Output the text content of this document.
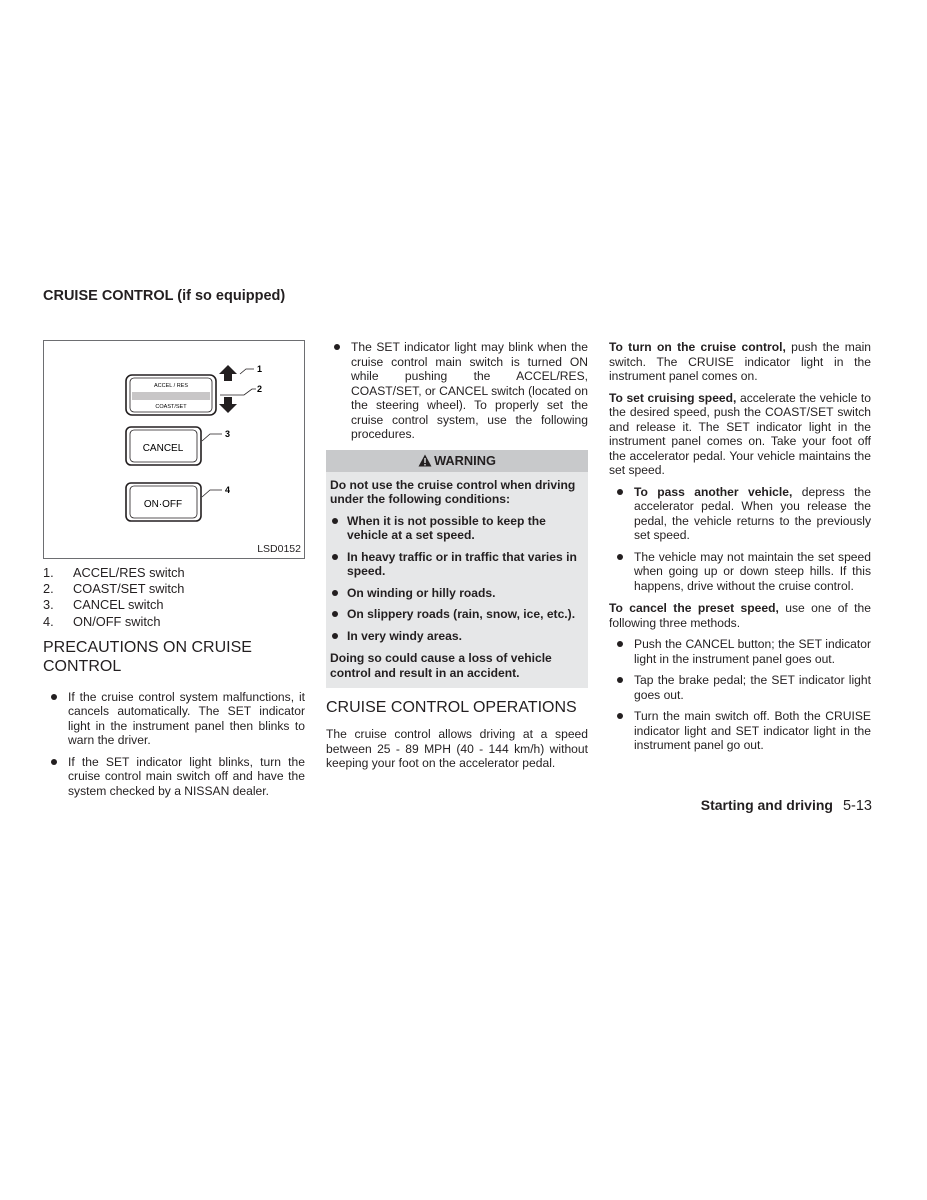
CRUISE CONTROL (if so equipped)
ACCEL / RES
COAST/SET
1
2
CANCEL
3
ON·OFF
4
LSD0152
1. ACCEL/RES switch
2. COAST/SET switch
3. CANCEL switch
4. ON/OFF switch
PRECAUTIONS ON CRUISE CONTROL
If the cruise control system malfunctions, it cancels automatically. The SET indicator light in the instrument panel then blinks to warn the driver.
If the SET indicator light blinks, turn the cruise control main switch off and have the system checked by a NISSAN dealer.
The SET indicator light may blink when the cruise control main switch is turned ON while pushing the ACCEL/RES, COAST/SET, or CANCEL switch (located on the steering wheel). To properly set the cruise control system, use the following procedures.
WARNING

Do not use the cruise control when driving under the following conditions:

When it is not possible to keep the vehicle at a set speed.
In heavy traffic or in traffic that varies in speed.
On winding or hilly roads.
On slippery roads (rain, snow, ice, etc.).
In very windy areas.

Doing so could cause a loss of vehicle control and result in an accident.

CRUISE CONTROL OPERATIONS

The cruise control allows driving at a speed between 25 - 89 MPH (40 - 144 km/h) without keeping your foot on the accelerator pedal.

To turn on the cruise control, push the main switch. The CRUISE indicator light in the instrument panel comes on.

To set cruising speed, accelerate the vehicle to the desired speed, push the COAST/SET switch and release it. The SET indicator light in the instrument panel comes on. Take your foot off the accelerator pedal. Your vehicle maintains the set speed.

To pass another vehicle, depress the accelerator pedal. When you release the pedal, the vehicle returns to the previously set speed.
The vehicle may not maintain the set speed when going up or down steep hills. If this happens, drive without the cruise control.

To cancel the preset speed, use one of the following three methods.

Push the CANCEL button; the SET indicator light in the instrument panel goes out.
Tap the brake pedal; the SET indicator light goes out.
Turn the main switch off. Both the CRUISE indicator light and SET indicator light in the instrument panel go out.
Starting and driving 5-13
